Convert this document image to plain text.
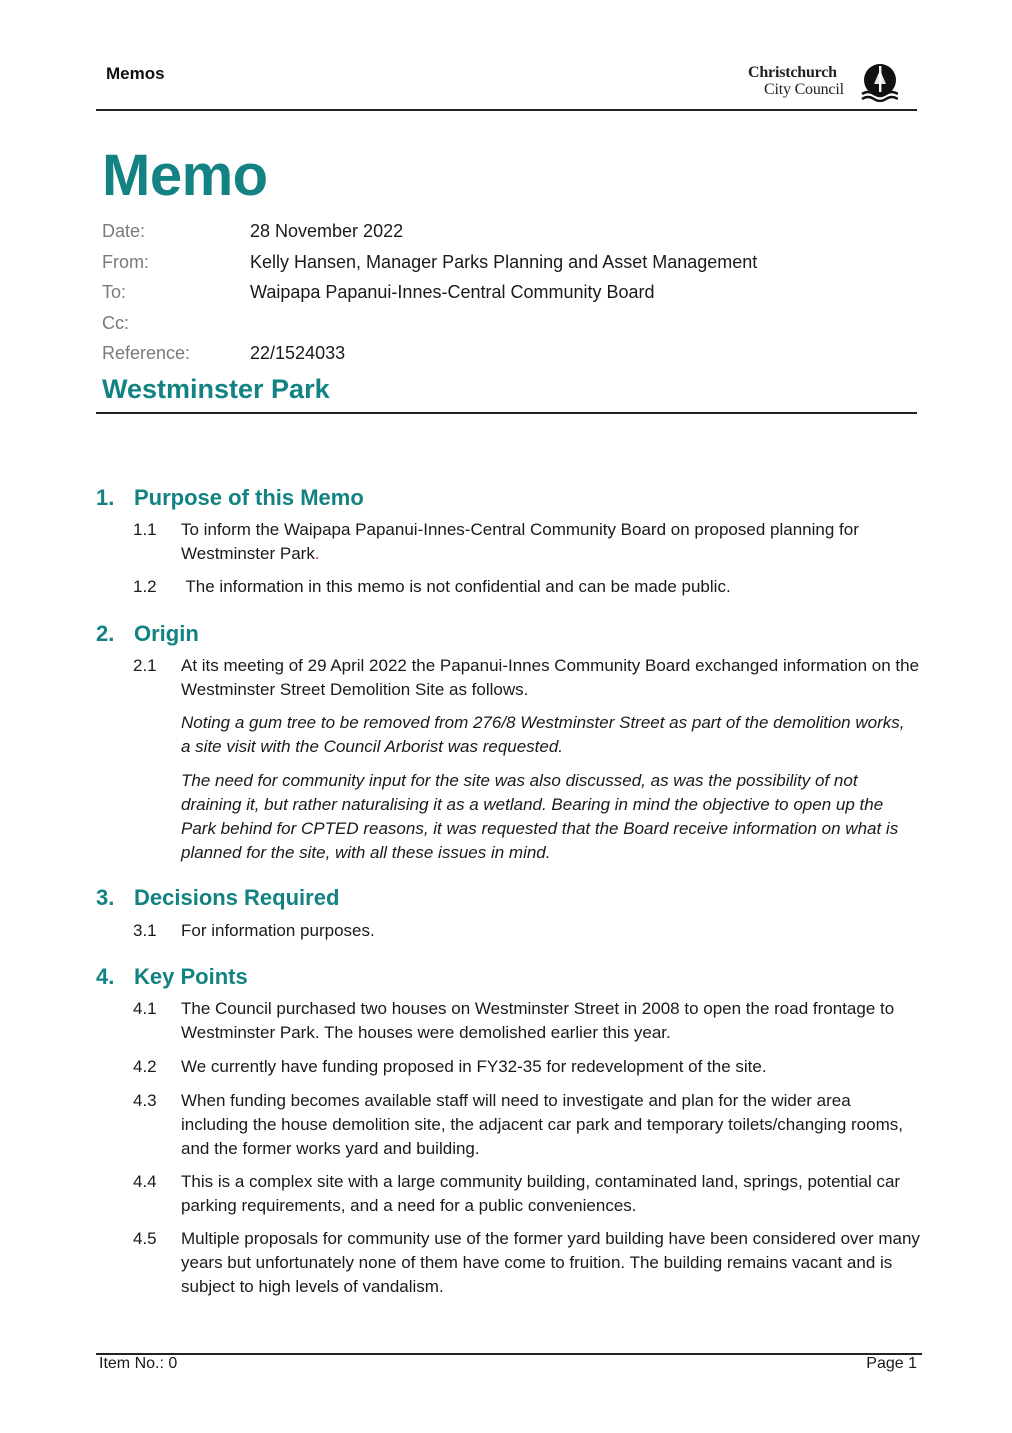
Memos	Christchurch
City Council
Memo
Date:	28 November 2022
From:	Kelly Hansen, Manager Parks Planning and Asset Management
To:	Waipapa Papanui-Innes-Central Community Board
Cc:
Reference:	22/1524033
Westminster Park
1. Purpose of this Memo
1.1 To inform the Waipapa Papanui-Innes-Central Community Board on proposed planning for Westminster Park.
1.2 The information in this memo is not confidential and can be made public.
2. Origin
2.1 At its meeting of 29 April 2022 the Papanui-Innes Community Board exchanged information on the Westminster Street Demolition Site as follows.
Noting a gum tree to be removed from 276/8 Westminster Street as part of the demolition works, a site visit with the Council Arborist was requested.
The need for community input for the site was also discussed, as was the possibility of not draining it, but rather naturalising it as a wetland. Bearing in mind the objective to open up the Park behind for CPTED reasons, it was requested that the Board receive information on what is planned for the site, with all these issues in mind.
3. Decisions Required
3.1 For information purposes.
4. Key Points
4.1 The Council purchased two houses on Westminster Street in 2008 to open the road frontage to Westminster Park. The houses were demolished earlier this year.
4.2 We currently have funding proposed in FY32-35 for redevelopment of the site.
4.3 When funding becomes available staff will need to investigate and plan for the wider area including the house demolition site, the adjacent car park and temporary toilets/changing rooms, and the former works yard and building.
4.4 This is a complex site with a large community building, contaminated land, springs, potential car parking requirements, and a need for a public conveniences.
4.5 Multiple proposals for community use of the former yard building have been considered over many years but unfortunately none of them have come to fruition. The building remains vacant and is subject to high levels of vandalism.
Item No.: 0	Page 1
